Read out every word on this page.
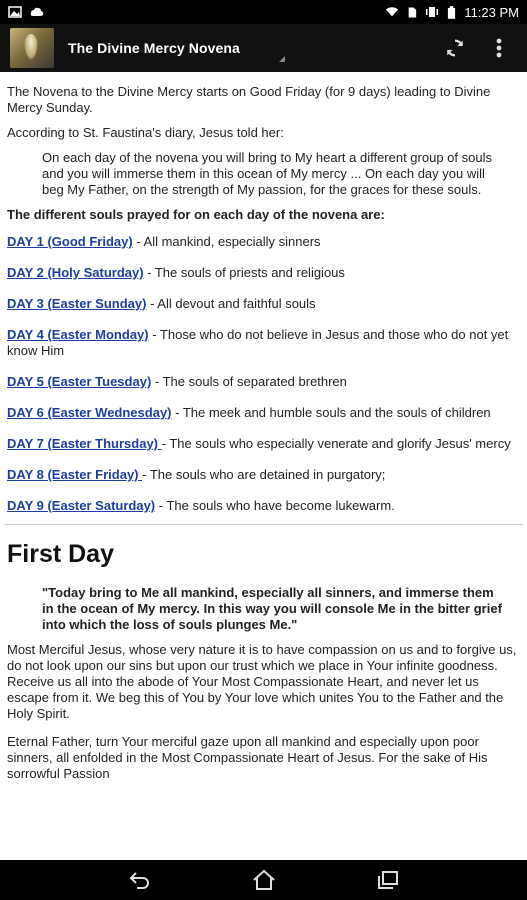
11:23 PM
The Divine Mercy Novena

The Novena to the Divine Mercy starts on Good Friday (for 9 days) leading to Divine Mercy Sunday.

According to St. Faustina's diary, Jesus told her:

On each day of the novena you will bring to My heart a different group of souls and you will immerse them in this ocean of My mercy ... On each day you will beg My Father, on the strength of My passion, for the graces for these souls.

The different souls prayed for on each day of the novena are:

DAY 1 (Good Friday) - All mankind, especially sinners
DAY 2 (Holy Saturday) - The souls of priests and religious
DAY 3 (Easter Sunday) - All devout and faithful souls
DAY 4 (Easter Monday) - Those who do not believe in Jesus and those who do not yet know Him
DAY 5 (Easter Tuesday) - The souls of separated brethren
DAY 6 (Easter Wednesday) - The meek and humble souls and the souls of children
DAY 7 (Easter Thursday) - The souls who especially venerate and glorify Jesus' mercy
DAY 8 (Easter Friday) - The souls who are detained in purgatory;
DAY 9 (Easter Saturday) - The souls who have become lukewarm.
First Day

"Today bring to Me all mankind, especially all sinners, and immerse them in the ocean of My mercy. In this way you will console Me in the bitter grief into which the loss of souls plunges Me."

Most Merciful Jesus, whose very nature it is to have compassion on us and to forgive us, do not look upon our sins but upon our trust which we place in Your infinite goodness. Receive us all into the abode of Your Most Compassionate Heart, and never let us escape from it. We beg this of You by Your love which unites You to the Father and the Holy Spirit.

Eternal Father, turn Your merciful gaze upon all mankind and especially upon poor sinners, all enfolded in the Most Compassionate Heart of Jesus. For the sake of His sorrowful Passion
